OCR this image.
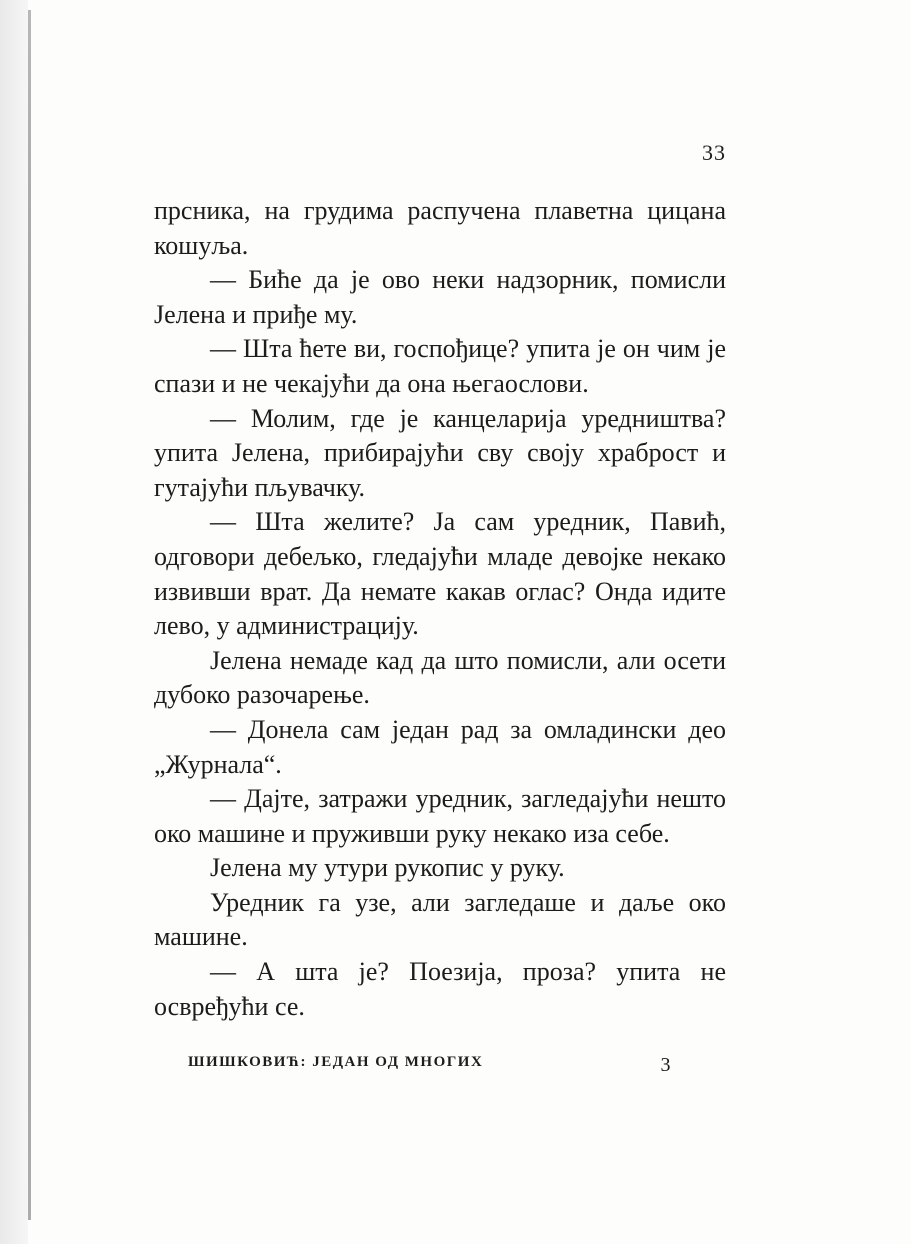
33

прсника, на грудима распучена плаветна цицана кошуља.

— Биће да је ово неки надзорник, помисли Јелена и приђе му.

— Шта ћете ви, госпођице? упита је он чим је спази и не чекајући да она његаослови.

— Молим, где је канцеларија уредништва? упита Јелена, прибирајући сву своју храброст и гутајући пљувачку.

— Шта желите? Ја сам уредник, Павић, одговори дебељко, гледајући младе девојке некако извивши врат. Да немате какав оглас? Онда идите лево, у администрацију.

Јелена немаде кад да што помисли, али осети дубоко разочарење.

— Донела сам један рад за омладински део „Журнала“.

— Дајте, затражи уредник, загледајући нешто око машине и пруживши руку некако иза себе.

Јелена му утури рукопис у руку.

Уредник га узе, али загледаше и даље око машине.

— А шта је? Поезија, проза? упита не освређући се.

ШИШКОВИЋ: ЈЕДАН ОД МНОГИХ	3
